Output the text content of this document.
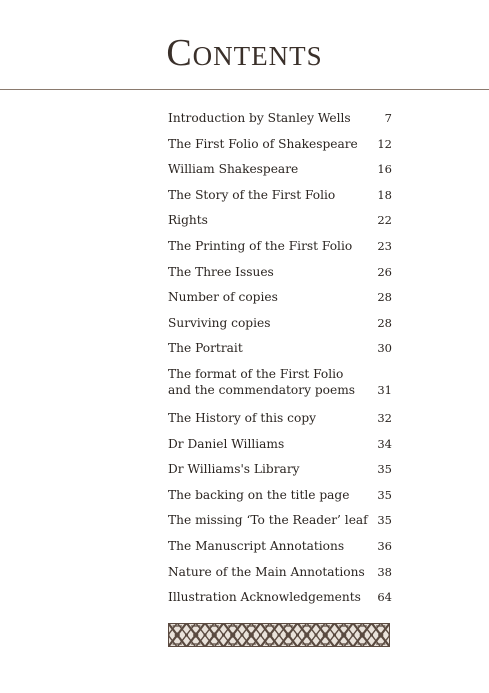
Contents
Introduction by Stanley Wells	7
The First Folio of Shakespeare	12
William Shakespeare	16
The Story of the First Folio	18
Rights	22
The Printing of the First Folio	23
The Three Issues	26
Number of copies	28
Surviving copies	28
The Portrait	30
The format of the First Folio
and the commendatory poems	31
The History of this copy	32
Dr Daniel Williams	34
Dr Williams's Library	35
The backing on the title page	35
The missing ‘To the Reader’ leaf 35
The Manuscript Annotations	36
Nature of the Main Annotations	38
Illustration Acknowledgements	64
